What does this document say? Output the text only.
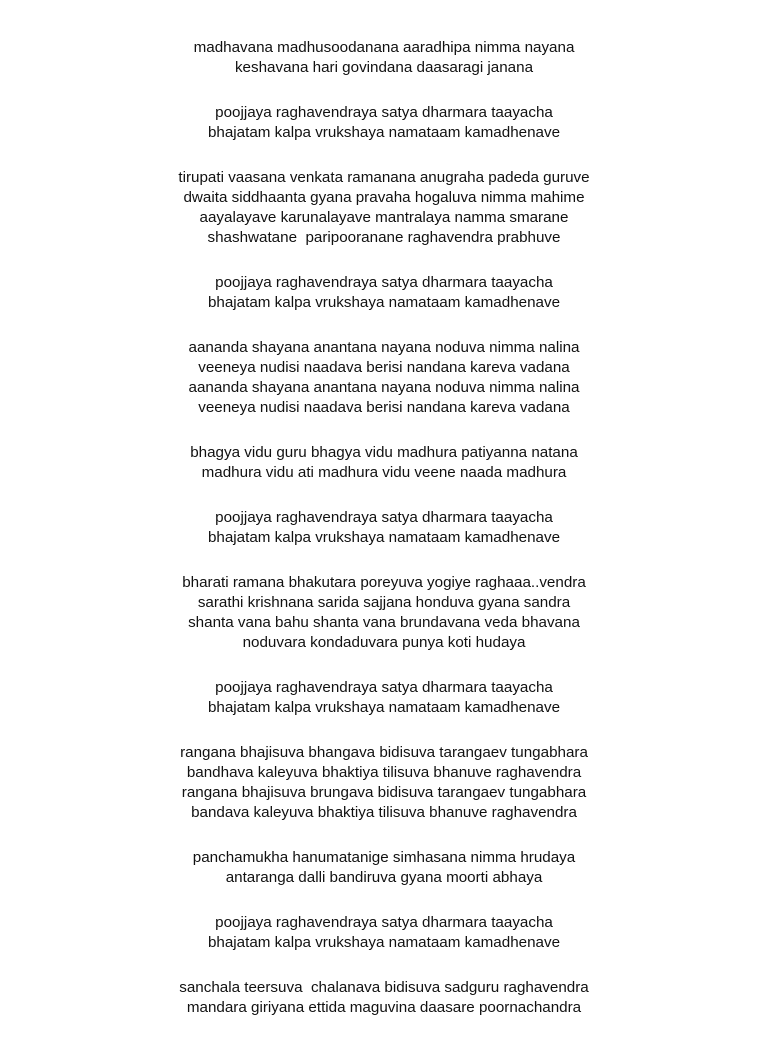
madhavana madhusoodanana aaradhipa nimma nayana
keshavana hari govindana daasaragi janana
poojjaya raghavendraya satya dharmara taayacha
bhajatam kalpa vrukshaya namataam kamadhenave
tirupati vaasana venkata ramanana anugraha padeda guruve
dwaita siddhaanta gyana pravaha hogaluva nimma mahime
aayalayave karunalayave mantralaya namma smarane
shashwatane  paripooranane raghavendra prabhuve
poojjaya raghavendraya satya dharmara taayacha
bhajatam kalpa vrukshaya namataam kamadhenave
aananda shayana anantana nayana noduva nimma nalina
veeneya nudisi naadava berisi nandana kareva vadana
aananda shayana anantana nayana noduva nimma nalina
veeneya nudisi naadava berisi nandana kareva vadana
bhagya vidu guru bhagya vidu madhura patiyanna natana
madhura vidu ati madhura vidu veene naada madhura
poojjaya raghavendraya satya dharmara taayacha
bhajatam kalpa vrukshaya namataam kamadhenave
bharati ramana bhakutara poreyuva yogiye raghaaa..vendra
sarathi krishnana sarida sajjana honduva gyana sandra
shanta vana bahu shanta vana brundavana veda bhavana
noduvara kondaduvara punya koti hudaya
poojjaya raghavendraya satya dharmara taayacha
bhajatam kalpa vrukshaya namataam kamadhenave
rangana bhajisuva bhangava bidisuva tarangaev tungabhara
bandhava kaleyuva bhaktiya tilisuva bhanuve raghavendra
rangana bhajisuva brungava bidisuva tarangaev tungabhara
bandava kaleyuva bhaktiya tilisuva bhanuve raghavendra
panchamukha hanumatanige simhasana nimma hrudaya
antaranga dalli bandiruva gyana moorti abhaya
poojjaya raghavendraya satya dharmara taayacha
bhajatam kalpa vrukshaya namataam kamadhenave
sanchala teersuva  chalanava bidisuva sadguru raghavendra
mandara giriyana ettida maguvina daasare poornachandra
